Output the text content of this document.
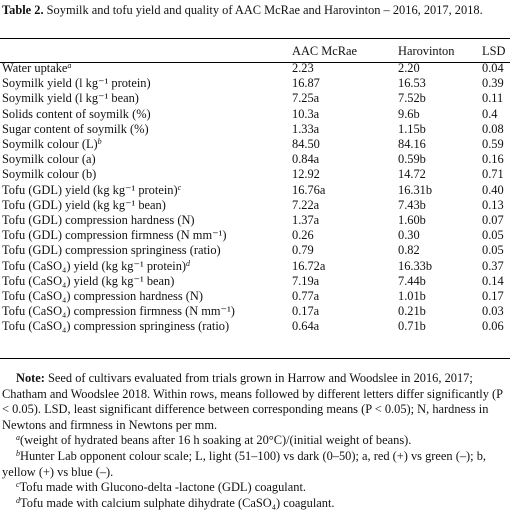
Table 2. Soymilk and tofu yield and quality of AAC McRae and Harovinton – 2016, 2017, 2018.
	AAC McRae	Harovinton	LSD
Water uptake$^a$	2.23	2.20	0.04
Soymilk yield (l kg⁻¹ protein)	16.87	16.53	0.39
Soymilk yield (l kg⁻¹ bean)	7.25a	7.52b	0.11
Solids content of soymilk (%)	10.3a	9.6b	0.4
Sugar content of soymilk (%)	1.33a	1.15b	0.08
Soymilk colour $(L)^b$	84.50	84.16	0.59
Soymilk colour (a)	0.84a	0.59b	0.16
Soymilk colour (b)	12.92	14.72	0.71
Tofu (GDL) yield (kg kg⁻¹ protein)$^c$	16.76a	16.31b	0.40
Tofu (GDL) yield (kg kg⁻¹ bean)	7.22a	7.43b	0.13
Tofu (GDL) compression hardness (N)	1.37a	1.60b	0.07
Tofu (GDL) compression firmness (N mm⁻¹)	0.26	0.30	0.05
Tofu (GDL) compression springiness (ratio)	0.79	0.82	0.05
Tofu (CaSO₄) yield (kg kg⁻¹ protein)$^d$	16.72a	16.33b	0.37
Tofu (CaSO₄) yield (kg kg⁻¹ bean)	7.19a	7.44b	0.14
Tofu (CaSO₄) compression hardness (N)	0.77a	1.01b	0.17
Tofu (CaSO₄) compression firmness (N mm⁻¹)	0.17a	0.21b	0.03
Tofu (CaSO₄) compression springiness (ratio)	0.64a	0.71b	0.06

Note: Seed of cultivars evaluated from trials grown in Harrow and Woodslee in 2016, 2017; Chatham and Woodslee 2018. Within rows, means followed by different letters differ significantly (P < 0.05). LSD, least significant difference between corresponding means (P < 0.05); N, hardness in Newtons and firmness in Newtons per mm.

$^a$(weight of hydrated beans after 16 h soaking at 20°C)/(initial weight of beans).

$^b$Hunter Lab opponent colour scale; L, light (51–100) vs dark (0–50); a, red (+) vs green (–); b, yellow (+) vs blue (–).

$^c$Tofu made with Glucono-delta -lactone (GDL) coagulant.

$^d$Tofu made with calcium sulphate dihydrate (CaSO₄) coagulant.
